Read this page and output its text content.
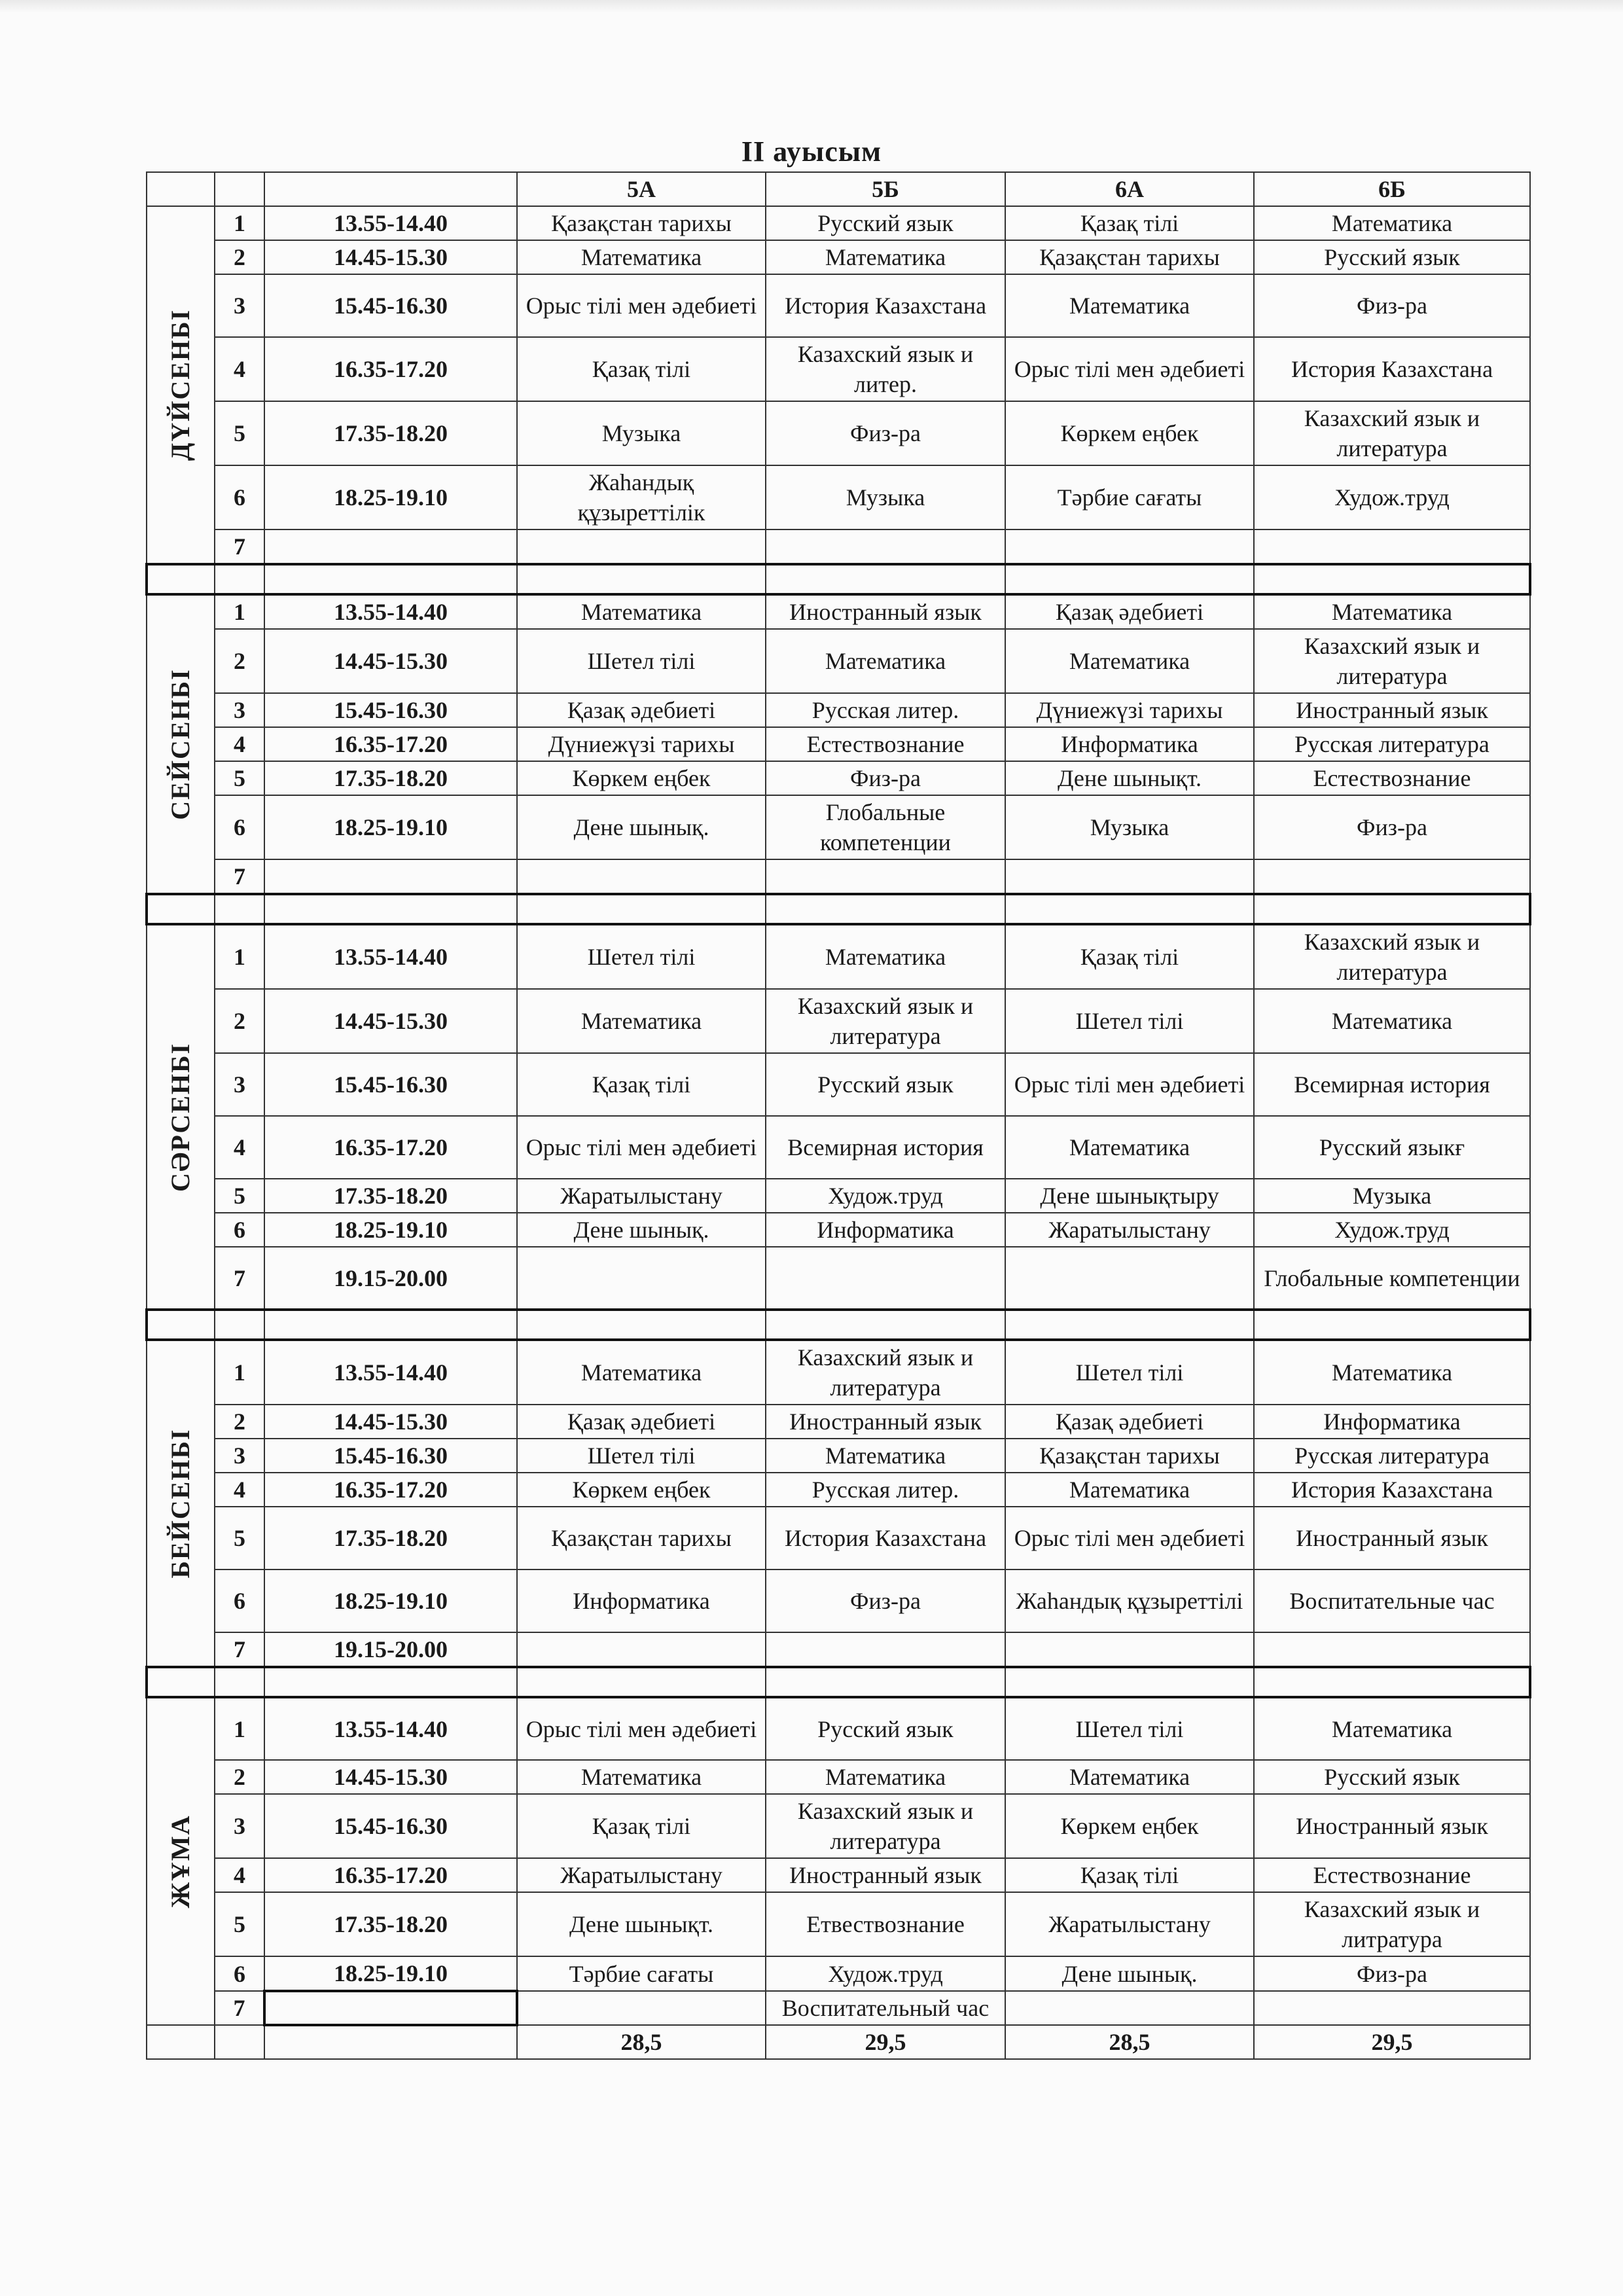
II ауысым
			5А	5Б	6А	6Б

ДҮЙСЕНБІ	1	13.55-14.40	Қазақстан тарихы	Русский язык	Қазақ тілі	Математика
	2	14.45-15.30	Математика	Математика	Қазақстан тарихы	Русский язык
	3	15.45-16.30	Орыс тілі мен әдебиеті	История Казахстана	Математика	Физ-ра
	4	16.35-17.20	Қазақ тілі	Казахский язык и литер.	Орыс тілі мен әдебиеті	История Казахстана
	5	17.35-18.20	Музыка	Физ-ра	Көркем еңбек	Казахский язык и литература
	6	18.25-19.10	Жаһандық құзыреттілік	Музыка	Тәрбие сағаты	Худож.труд
	7					

СЕЙСЕНБІ	1	13.55-14.40	Математика	Иностранный язык	Қазақ әдебиеті	Математика
	2	14.45-15.30	Шетел тілі	Математика	Математика	Казахский язык и литература
	3	15.45-16.30	Қазақ әдебиеті	Русская литер.	Дүниежүзі тарихы	Иностранный язык
	4	16.35-17.20	Дүниежүзі тарихы	Естествознание	Информатика	Русская литература
	5	17.35-18.20	Көркем еңбек	Физ-ра	Дене шынықт.	Естествознание
	6	18.25-19.10	Дене шынық.	Глобальные компетенции	Музыка	Физ-ра
	7					

СӘРСЕНБІ	1	13.55-14.40	Шетел тілі	Математика	Қазақ тілі	Казахский язык и литература
	2	14.45-15.30	Математика	Казахский язык и литература	Шетел тілі	Математика
	3	15.45-16.30	Қазақ тілі	Русский язык	Орыс тілі мен әдебиеті	Всемирная история
	4	16.35-17.20	Орыс тілі мен әдебиеті	Всемирная история	Математика	Русский языкғ
	5	17.35-18.20	Жаратылыстану	Худож.труд	Дене шынықтыру	Музыка
	6	18.25-19.10	Дене шынық.	Информатика	Жаратылыстану	Худож.труд
	7	19.15-20.00				Глобальные компетенции

БЕЙСЕНБІ	1	13.55-14.40	Математика	Казахский язык и литература	Шетел тілі	Математика
	2	14.45-15.30	Қазақ әдебиеті	Иностранный язык	Қазақ әдебиеті	Информатика
	3	15.45-16.30	Шетел тілі	Математика	Қазақстан тарихы	Русская литература
	4	16.35-17.20	Көркем еңбек	Русская литер.	Математика	История Казахстана
	5	17.35-18.20	Қазақстан тарихы	История Казахстана	Орыс тілі мен әдебиеті	Иностранный язык
	6	18.25-19.10	Информатика	Физ-ра	Жаһандық құзыреттілі	Воспитательные час
	7	19.15-20.00				

ЖҰМА	1	13.55-14.40	Орыс тілі мен әдебиеті	Русский язык	Шетел тілі	Математика
	2	14.45-15.30	Математика	Математика	Математика	Русский язык
	3	15.45-16.30	Қазақ тілі	Казахский язык и литература	Көркем еңбек	Иностранный язык
	4	16.35-17.20	Жаратылыстану	Иностранный язык	Қазақ тілі	Естествознание
	5	17.35-18.20	Дене шынықт.	Етвествознание	Жаратылыстану	Казахский язык и литратура
	6	18.25-19.10	Тәрбие сағаты	Худож.труд	Дене шынық.	Физ-ра
	7			Воспитательный час		
			28,5	29,5	28,5	29,5
